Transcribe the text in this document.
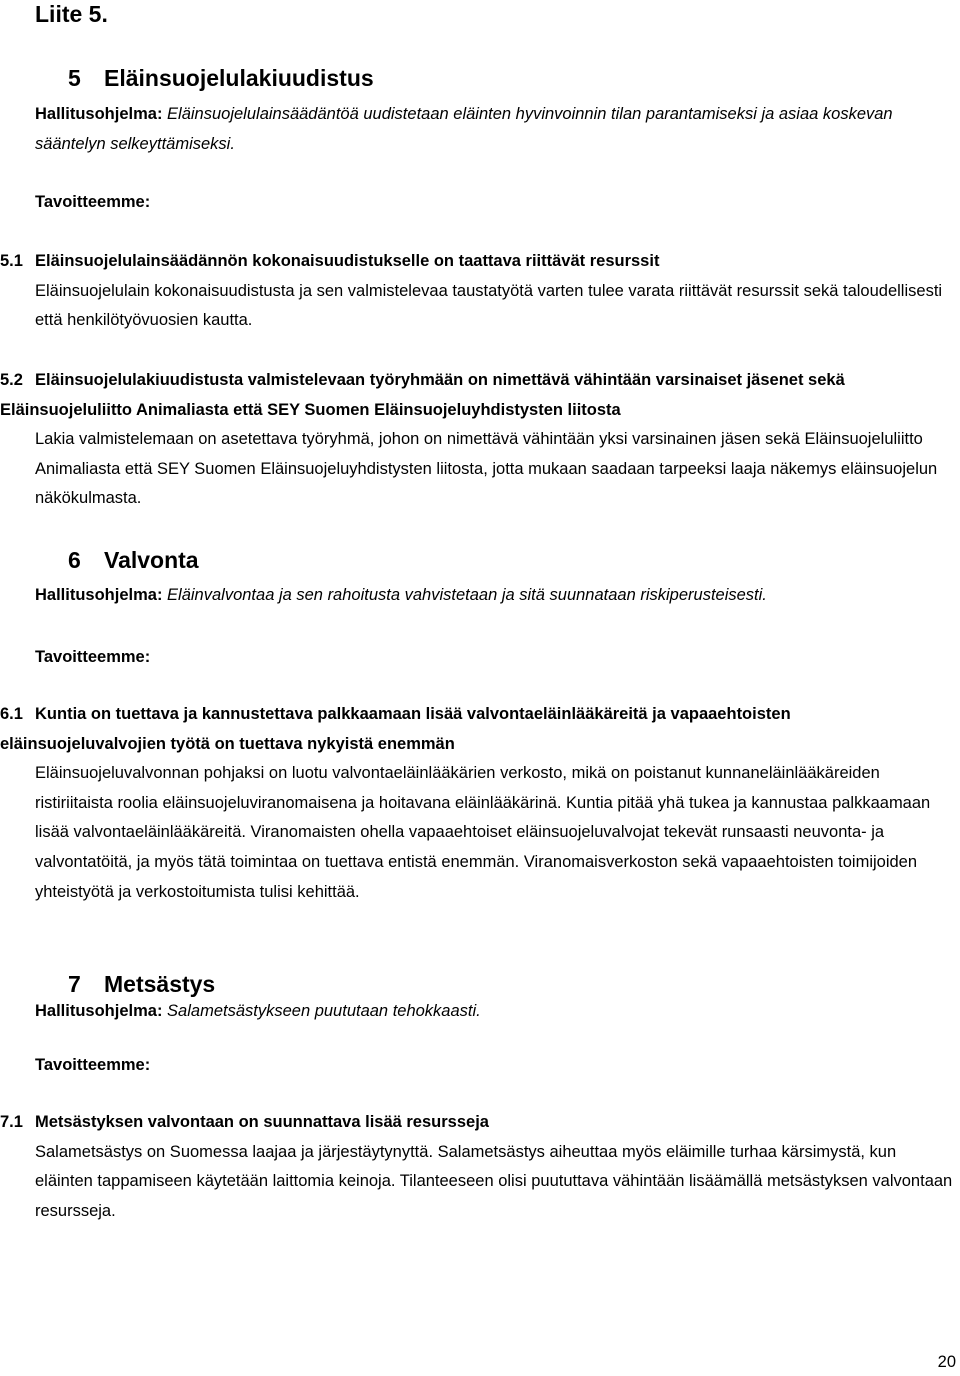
Liite 5.
5 Eläinsuojelulakiuudistus
Hallitusohjelma: Eläinsuojelulainsäädäntöä uudistetaan eläinten hyvinvoinnin tilan parantamiseksi ja asiaa koskevan sääntelyn selkeyttämiseksi.
Tavoitteemme:
5.1 Eläinsuojelulainsäädännön kokonaisuudistukselle on taattava riittävät resurssit
Eläinsuojelulain kokonaisuudistusta ja sen valmistelevaa taustatyötä varten tulee varata riittävät resurssit sekä taloudellisesti että henkilötyövuosien kautta.
5.2 Eläinsuojelulakiuudistusta valmistelevaan työryhmään on nimettävä vähintään varsinaiset jäsenet sekä Eläinsuojeluliitto Animaliasta että SEY Suomen Eläinsuojeluyhdistysten liitosta
Lakia valmistelemaan on asetettava työryhmä, johon on nimettävä vähintään yksi varsinainen jäsen sekä Eläinsuojeluliitto Animaliasta että SEY Suomen Eläinsuojeluyhdistysten liitosta, jotta mukaan saadaan tarpeeksi laaja näkemys eläinsuojelun näkökulmasta.
6 Valvonta
Hallitusohjelma: Eläinvalvontaa ja sen rahoitusta vahvistetaan ja sitä suunnataan riskiperusteisesti.
Tavoitteemme:
6.1 Kuntia on tuettava ja kannustettava palkkaamaan lisää valvontaeläinlääkäreitä ja vapaaehtoisten eläinsuojeluvalvojien työtä on tuettava nykyistä enemmän
Eläinsuojeluvalvonnan pohjaksi on luotu valvontaeläinlääkärien verkosto, mikä on poistanut kunnaneläinlääkäreiden ristiriitaista roolia eläinsuojeluviranomaisena ja hoitavana eläinlääkärinä. Kuntia pitää yhä tukea ja kannustaa palkkaamaan lisää valvontaeläinlääkäreitä. Viranomaisten ohella vapaaehtoiset eläinsuojeluvalvojat tekevät runsaasti neuvonta- ja valvontatöitä, ja myös tätä toimintaa on tuettava entistä enemmän. Viranomaisverkoston sekä vapaaehtoisten toimijoiden yhteistyötä ja verkostoitumista tulisi kehittää.
7 Metsästys
Hallitusohjelma: Salametsästykseen puututaan tehokkaasti.
Tavoitteemme:
7.1 Metsästyksen valvontaan on suunnattava lisää resursseja
Salametsästys on Suomessa laajaa ja järjestäytynyttä. Salametsästys aiheuttaa myös eläimille turhaa kärsimystä, kun eläinten tappamiseen käytetään laittomia keinoja. Tilanteeseen olisi puututtava vähintään lisäämällä metsästyksen valvontaan resursseja.
20
